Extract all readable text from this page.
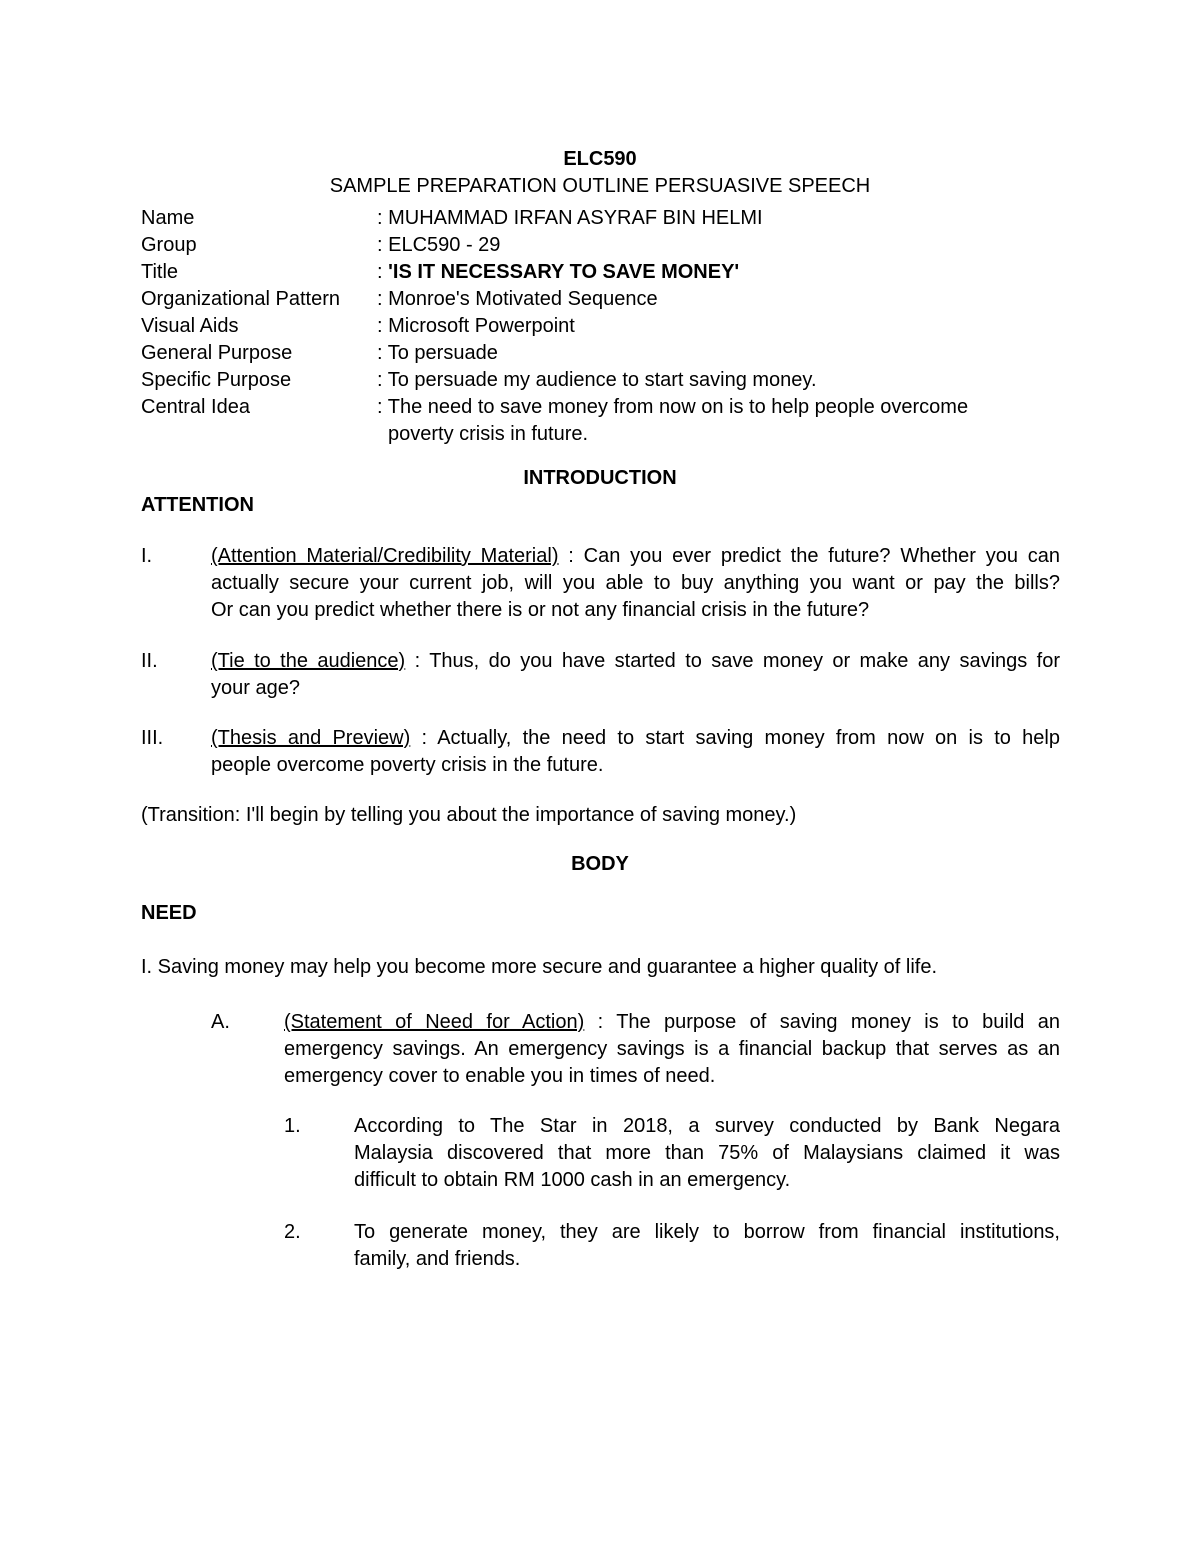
ELC590
SAMPLE PREPARATION OUTLINE PERSUASIVE SPEECH
Name	: MUHAMMAD IRFAN ASYRAF BIN HELMI
Group	: ELC590 - 29
Title	: 'IS IT NECESSARY TO SAVE MONEY'
Organizational Pattern : Monroe's Motivated Sequence
Visual Aids	: Microsoft Powerpoint
General Purpose	: To persuade
Specific Purpose	: To persuade my audience to start saving money.
Central Idea	: The need to save money from now on is to help people overcome
poverty crisis in future.
INTRODUCTION
ATTENTION
I.	(Attention Material/Credibility Material) : Can you ever predict the future? Whether you can
actually secure your current job, will you able to buy anything you want or pay the bills?
Or can you predict whether there is or not any financial crisis in the future?
II.	(Tie to the audience) : Thus, do you have started to save money or make any savings for
your age?
III. (Thesis and Preview) : Actually, the need to start saving money from now on is to help
people overcome poverty crisis in the future.
(Transition: I'll begin by telling you about the importance of saving money.)
BODY
NEED
I. Saving money may help you become more secure and guarantee a higher quality of life.
A.	(Statement of Need for Action) : The purpose of saving money is to build an
emergency savings. An emergency savings is a financial backup that serves as an
emergency cover to enable you in times of need.
1.	According to The Star in 2018, a survey conducted by Bank Negara
Malaysia discovered that more than 75% of Malaysians claimed it was
difficult to obtain RM 1000 cash in an emergency.
2.	To generate money, they are likely to borrow from financial institutions,
family, and friends.
